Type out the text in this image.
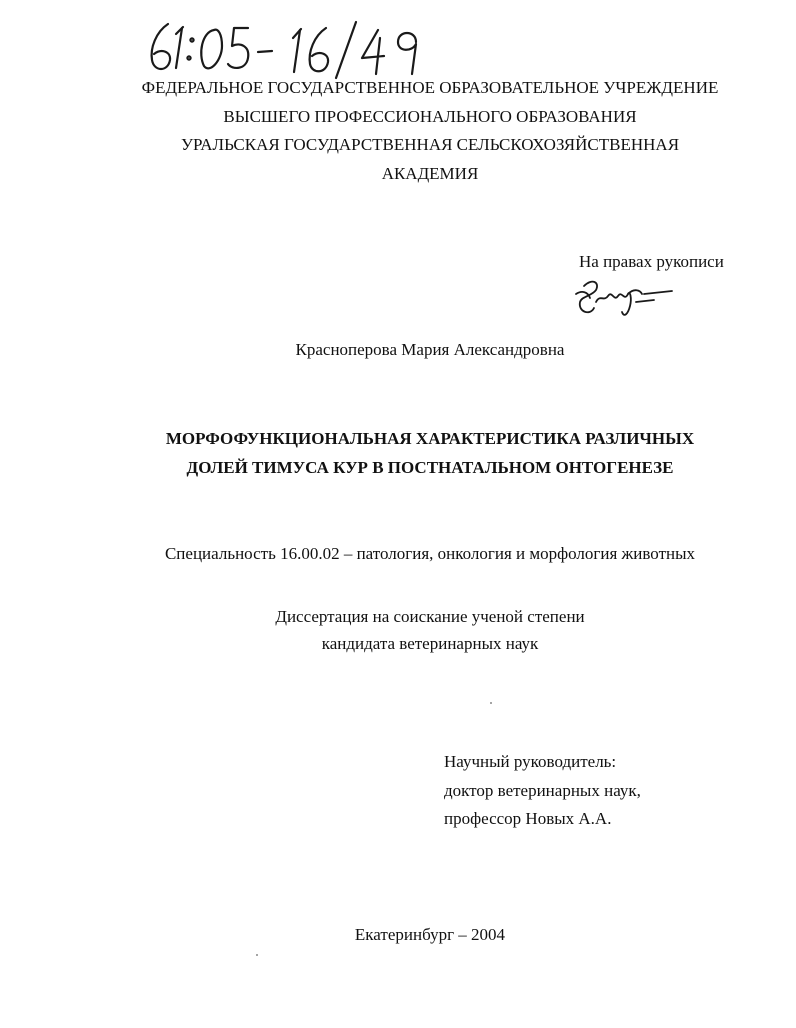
ФЕДЕРАЛЬНОЕ ГОСУДАРСТВЕННОЕ ОБРАЗОВАТЕЛЬНОЕ УЧРЕЖДЕНИЕ
ВЫСШЕГО ПРОФЕССИОНАЛЬНОГО ОБРАЗОВАНИЯ
УРАЛЬСКАЯ ГОСУДАРСТВЕННАЯ СЕЛЬСКОХОЗЯЙСТВЕННАЯ
АКАДЕМИЯ
На правах рукописи
Красноперова Мария Александровна
МОРФОФУНКЦИОНАЛЬНАЯ ХАРАКТЕРИСТИКА РАЗЛИЧНЫХ
ДОЛЕЙ ТИМУСА КУР В ПОСТНАТАЛЬНОМ ОНТОГЕНЕЗЕ
Специальность 16.00.02 – патология, онкология и морфология животных
Диссертация на соискание ученой степени
кандидата ветеринарных наук
Научный руководитель:
доктор ветеринарных наук,
профессор Новых А.А.
Екатеринбург – 2004
